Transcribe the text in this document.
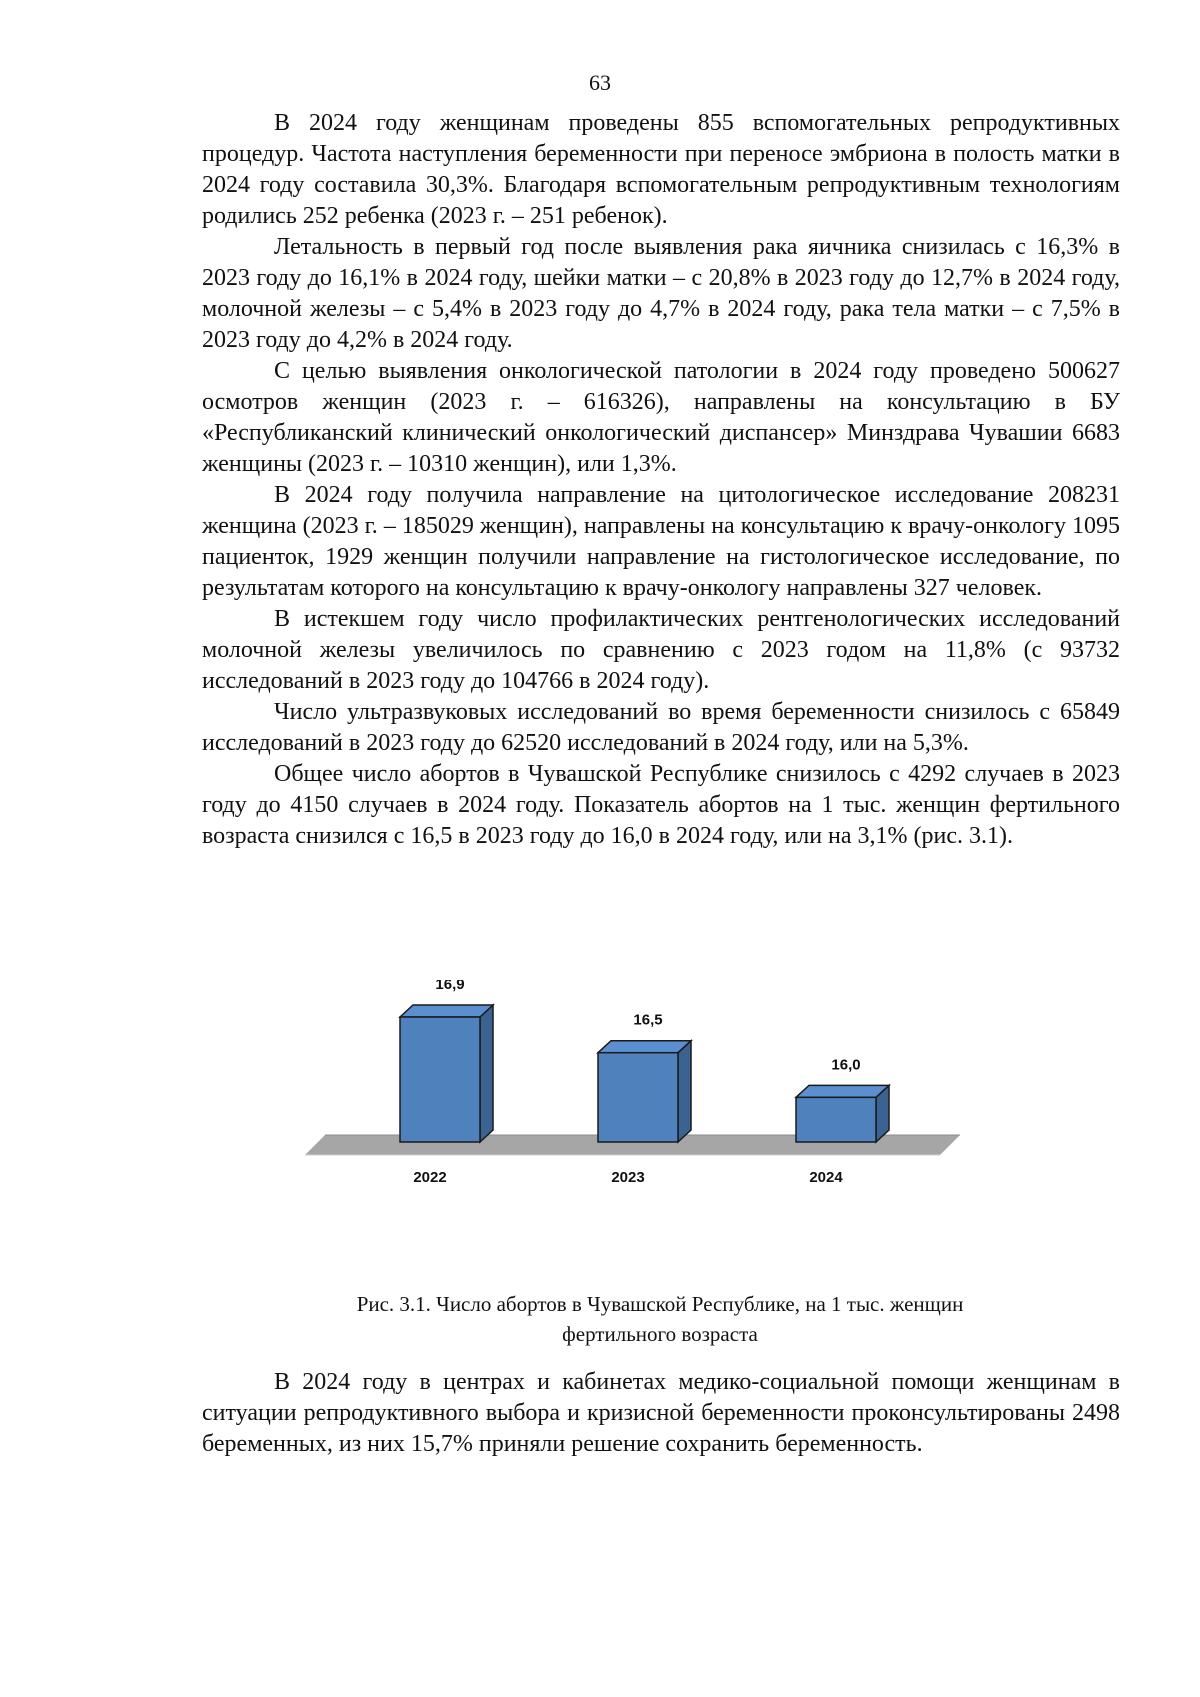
63

В 2024 году женщинам проведены 855 вспомогательных репродуктивных процедур. Частота наступления беременности при переносе эмбриона в полость матки в 2024 году составила 30,3%. Благодаря вспомогательным репродуктивным технологиям родились 252 ребенка (2023 г. – 251 ребенок).

Летальность в первый год после выявления рака яичника снизилась с 16,3% в 2023 году до 16,1% в 2024 году, шейки матки – с 20,8% в 2023 году до 12,7% в 2024 году, молочной железы – с 5,4% в 2023 году до 4,7% в 2024 году, рака тела матки – с 7,5% в 2023 году до 4,2% в 2024 году.

С целью выявления онкологической патологии в 2024 году проведено 500627 осмотров женщин (2023 г. – 616326), направлены на консультацию в БУ «Республиканский клинический онкологический диспансер» Минздрава Чувашии 6683 женщины (2023 г. – 10310 женщин), или 1,3%.

В 2024 году получила направление на цитологическое исследование 208231 женщина (2023 г. – 185029 женщин), направлены на консультацию к врачу-онкологу 1095 пациенток, 1929 женщин получили направление на гистологическое исследование, по результатам которого на консультацию к врачу-онкологу направлены 327 человек.

В истекшем году число профилактических рентгенологических исследований молочной железы увеличилось по сравнению с 2023 годом на 11,8% (с 93732 исследований в 2023 году до 104766 в 2024 году).

Число ультразвуковых исследований во время беременности снизилось с 65849 исследований в 2023 году до 62520 исследований в 2024 году, или на 5,3%.

Общее число абортов в Чувашской Республике снизилось с 4292 случаев в 2023 году до 4150 случаев в 2024 году. Показатель абортов на 1 тыс. женщин фертильного возраста снизился с 16,5 в 2023 году до 16,0 в 2024 году, или на 3,1% (рис. 3.1).

16,9
2022
16,5
2023
16,0
2024
Рис. 3.1. Число абортов в Чувашской Республике, на 1 тыс. женщин
фертильного возраста

В 2024 году в центрах и кабинетах медико-социальной помощи женщинам в ситуации репродуктивного выбора и кризисной беременности проконсультированы 2498 беременных, из них 15,7% приняли решение сохранить беременность.
